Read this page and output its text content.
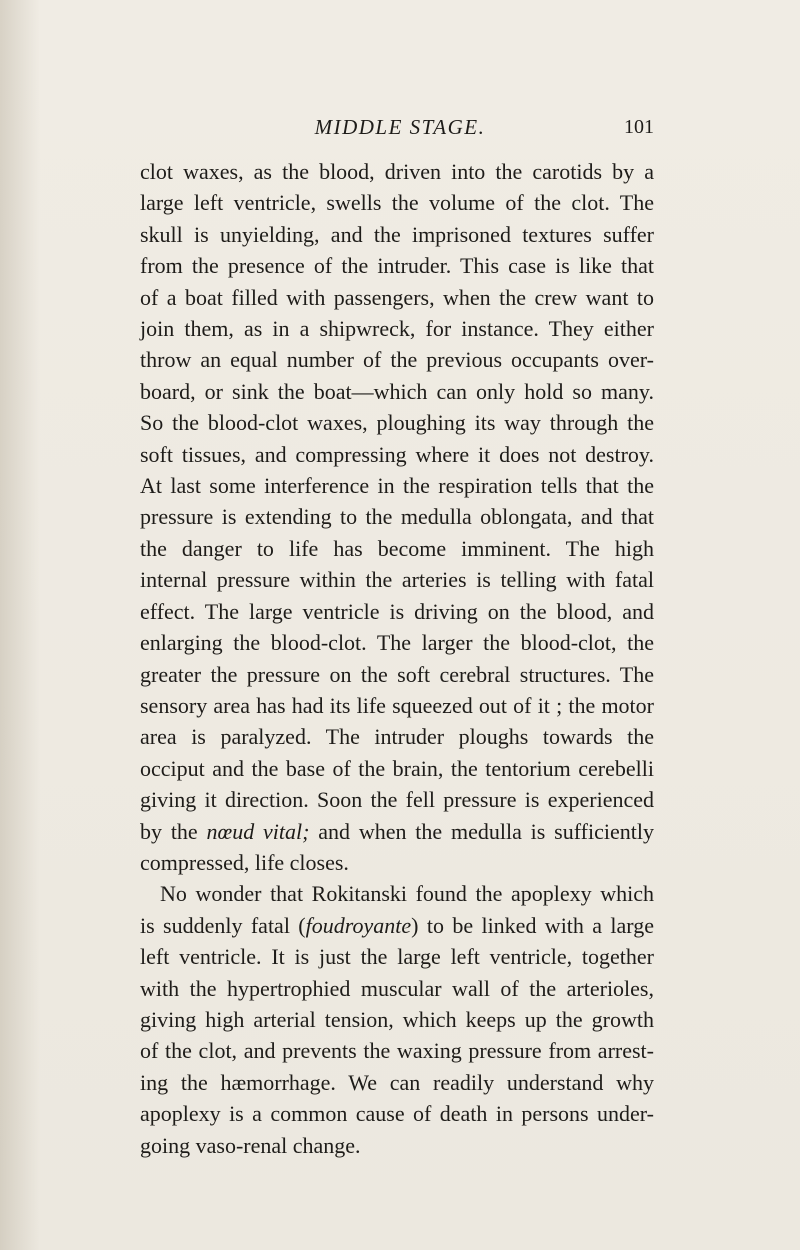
MIDDLE STAGE.	101
clot waxes, as the blood, driven into the carotids by a
large left ventricle, swells the volume of the clot. The
skull is unyielding, and the imprisoned textures suffer
from the presence of the intruder. This case is like that
of a boat filled with passengers, when the crew want to
join them, as in a shipwreck, for instance. They either
throw an equal number of the previous occupants over-
board, or sink the boat—which can only hold so many.
So the blood-clot waxes, ploughing its way through the
soft tissues, and compressing where it does not destroy.
At last some interference in the respiration tells that the
pressure is extending to the medulla oblongata, and that
the danger to life has become imminent. The high
internal pressure within the arteries is telling with fatal
effect. The large ventricle is driving on the blood, and
enlarging the blood-clot. The larger the blood-clot, the
greater the pressure on the soft cerebral structures. The
sensory area has had its life squeezed out of it ; the motor
area is paralyzed. The intruder ploughs towards the
occiput and the base of the brain, the tentorium cerebelli
giving it direction. Soon the fell pressure is experienced
by the nœud vital; and when the medulla is sufficiently
compressed, life closes.
No wonder that Rokitanski found the apoplexy which
is suddenly fatal (foudroyante) to be linked with a large
left ventricle. It is just the large left ventricle, together
with the hypertrophied muscular wall of the arterioles,
giving high arterial tension, which keeps up the growth
of the clot, and prevents the waxing pressure from arrest-
ing the hæmorrhage. We can readily understand why
apoplexy is a common cause of death in persons under-
going vaso-renal change.
